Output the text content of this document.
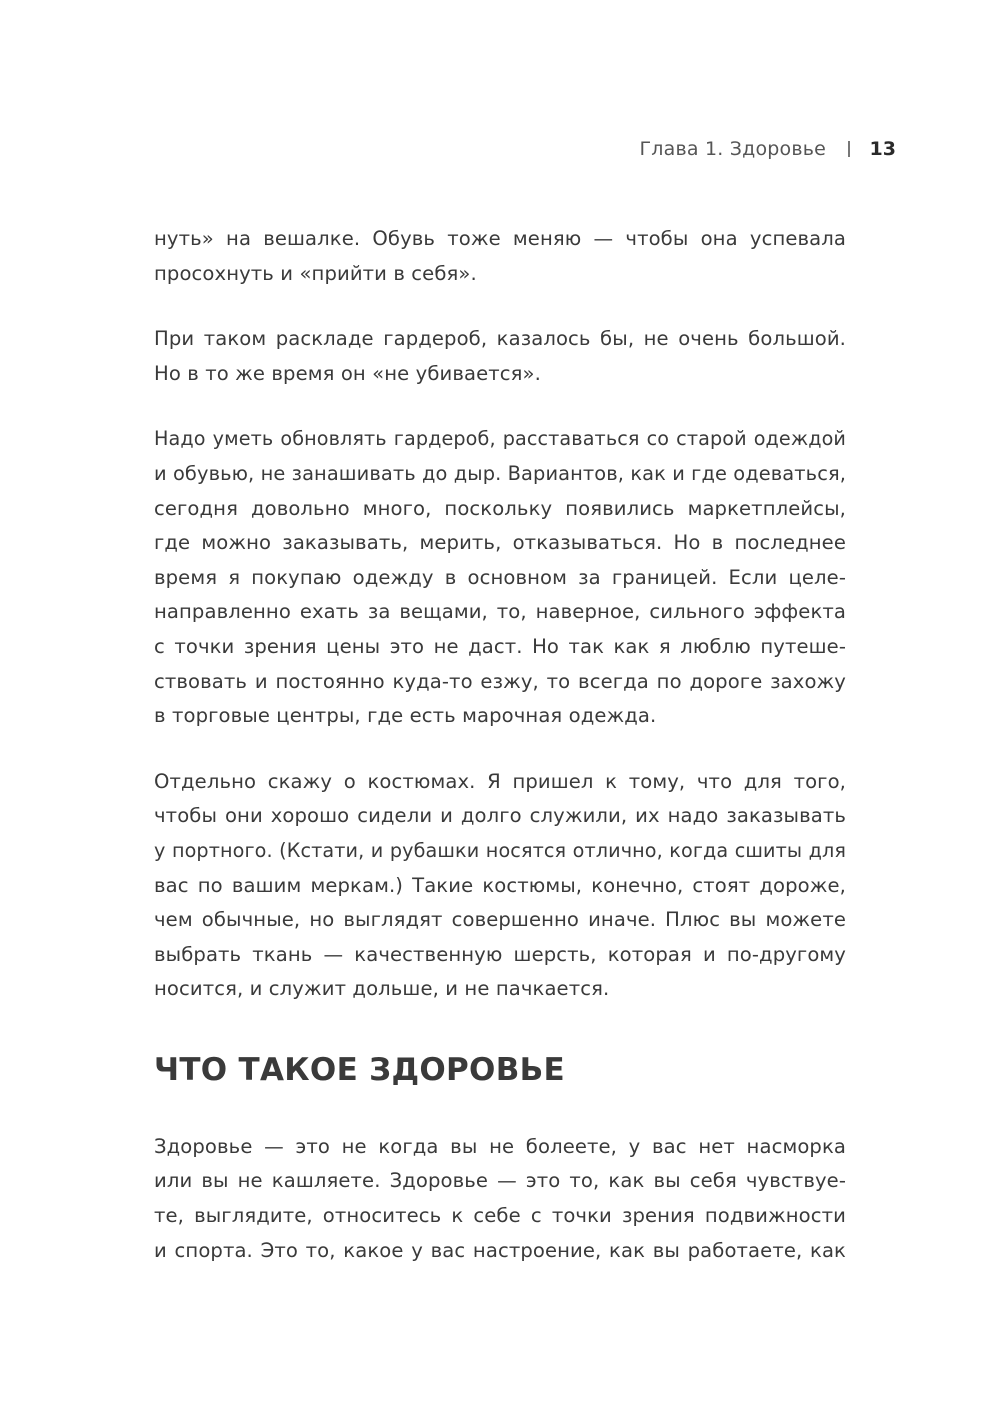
Глава 1. Здоровье 13
нуть» на вешалке. Обувь тоже меняю — чтобы она успевала
просохнуть и «прийти в себя».
При таком раскладе гардероб, казалось бы, не очень большой.
Но в то же время он «не убивается».
Надо уметь обновлять гардероб, расставаться со старой одеждой
и обувью, не занашивать до дыр. Вариантов, как и где одеваться,
сегодня довольно много, поскольку появились маркетплейсы,
где можно заказывать, мерить, отказываться. Но в последнее
время я покупаю одежду в основном за границей. Если целе-
направленно ехать за вещами, то, наверное, сильного эффекта
с точки зрения цены это не даст. Но так как я люблю путеше-
ствовать и постоянно куда-то езжу, то всегда по дороге захожу
в торговые центры, где есть марочная одежда.
Отдельно скажу о костюмах. Я пришел к тому, что для того,
чтобы они хорошо сидели и долго служили, их надо заказывать
у портного. (Кстати, и рубашки носятся отлично, когда сшиты для
вас по вашим меркам.) Такие костюмы, конечно, стоят дороже,
чем обычные, но выглядят совершенно иначе. Плюс вы можете
выбрать ткань — качественную шерсть, которая и по-другому
носится, и служит дольше, и не пачкается.
ЧТО ТАКОЕ ЗДОРОВЬЕ
Здоровье — это не когда вы не болеете, у вас нет насморка
или вы не кашляете. Здоровье — это то, как вы себя чувствуе-
те, выглядите, относитесь к себе с точки зрения подвижности
и спорта. Это то, какое у вас настроение, как вы работаете, как
